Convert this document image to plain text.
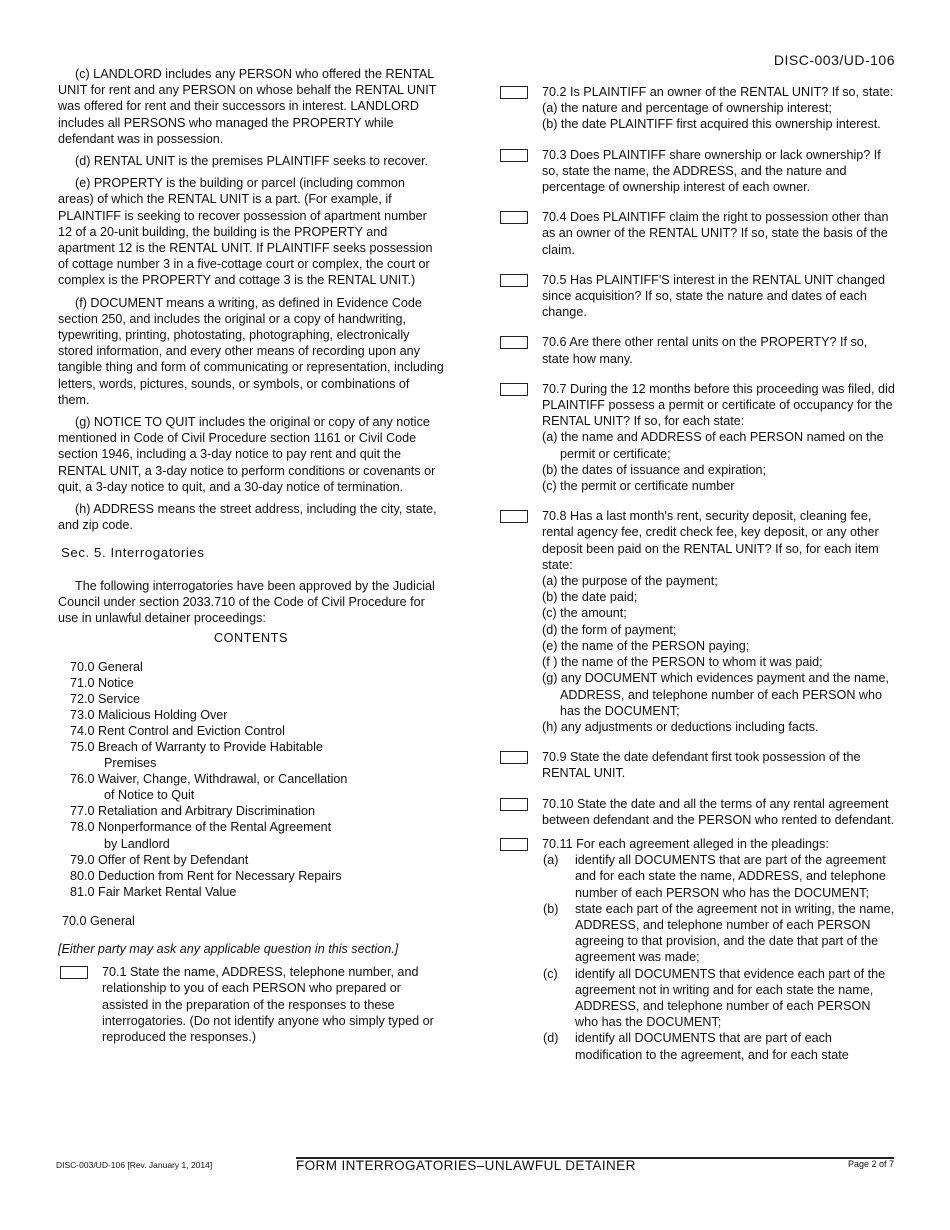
DISC-003/UD-106

(c) LANDLORD includes any PERSON who offered the RENTAL UNIT for rent and any PERSON on whose behalf the RENTAL UNIT was offered for rent and their successors in interest. LANDLORD includes all PERSONS who managed the PROPERTY while defendant was in possession.

(d) RENTAL UNIT is the premises PLAINTIFF seeks to recover.

(e) PROPERTY is the building or parcel (including common areas) of which the RENTAL UNIT is a part. (For example, if PLAINTIFF is seeking to recover possession of apartment number 12 of a 20-unit building, the building is the PROPERTY and apartment 12 is the RENTAL UNIT. If PLAINTIFF seeks possession of cottage number 3 in a five-cottage court or complex, the court or complex is the PROPERTY and cottage 3 is the RENTAL UNIT.)

(f) DOCUMENT means a writing, as defined in Evidence Code section 250, and includes the original or a copy of handwriting, typewriting, printing, photostating, photographing, electronically stored information, and every other means of recording upon any tangible thing and form of communicating or representation, including letters, words, pictures, sounds, or symbols, or combinations of them.

(g) NOTICE TO QUIT includes the original or copy of any notice mentioned in Code of Civil Procedure section 1161 or Civil Code section 1946, including a 3-day notice to pay rent and quit the RENTAL UNIT, a 3-day notice to perform conditions or covenants or quit, a 3-day notice to quit, and a 30-day notice of termination.

(h) ADDRESS means the street address, including the city, state, and zip code.

Sec. 5. Interrogatories

The following interrogatories have been approved by the Judicial Council under section 2033.710 of the Code of Civil Procedure for use in unlawful detainer proceedings:

CONTENTS
70.0 General
71.0 Notice
72.0 Service
73.0 Malicious Holding Over
74.0 Rent Control and Eviction Control
75.0 Breach of Warranty to Provide Habitable
Premises
76.0 Waiver, Change, Withdrawal, or Cancellation
of Notice to Quit
77.0 Retaliation and Arbitrary Discrimination
78.0 Nonperformance of the Rental Agreement
by Landlord
79.0 Offer of Rent by Defendant
80.0 Deduction from Rent for Necessary Repairs
81.0 Fair Market Rental Value
70.0 General

[Either party may ask any applicable question in this section.]

70.1 State the name, ADDRESS, telephone number, and relationship to you of each PERSON who prepared or assisted in the preparation of the responses to these interrogatories. (Do not identify anyone who simply typed or reproduced the responses.)
70.2 Is PLAINTIFF an owner of the RENTAL UNIT? If so, state:
(a) the nature and percentage of ownership interest;
(b) the date PLAINTIFF first acquired this ownership interest.
70.3 Does PLAINTIFF share ownership or lack ownership? If so, state the name, the ADDRESS, and the nature and percentage of ownership interest of each owner.
70.4 Does PLAINTIFF claim the right to possession other than as an owner of the RENTAL UNIT? If so, state the basis of the claim.
70.5 Has PLAINTIFF'S interest in the RENTAL UNIT changed since acquisition? If so, state the nature and dates of each change.
70.6 Are there other rental units on the PROPERTY? If so, state how many.
70.7 During the 12 months before this proceeding was filed, did PLAINTIFF possess a permit or certificate of occupancy for the RENTAL UNIT? If so, for each state:
(a) the name and ADDRESS of each PERSON named on the permit or certificate;
(b) the dates of issuance and expiration;
(c) the permit or certificate number
70.8 Has a last month's rent, security deposit, cleaning fee, rental agency fee, credit check fee, key deposit, or any other deposit been paid on the RENTAL UNIT? If so, for each item state:
(a) the purpose of the payment;
(b) the date paid;
(c) the amount;
(d) the form of payment;
(e) the name of the PERSON paying;
(f ) the name of the PERSON to whom it was paid;
(g) any DOCUMENT which evidences payment and the name, ADDRESS, and telephone number of each PERSON who has the DOCUMENT;
(h) any adjustments or deductions including facts.
70.9 State the date defendant first took possession of the RENTAL UNIT.
70.10 State the date and all the terms of any rental agreement between defendant and the PERSON who rented to defendant.
70.11 For each agreement alleged in the pleadings:
(a)	identify all DOCUMENTS that are part of the agreement and for each state the name, ADDRESS, and telephone number of each PERSON who has the DOCUMENT;
(b)	state each part of the agreement not in writing, the name, ADDRESS, and telephone number of each PERSON agreeing to that provision, and the date that part of the agreement was made;
(c)	identify all DOCUMENTS that evidence each part of the agreement not in writing and for each state the name, ADDRESS, and telephone number of each PERSON who has the DOCUMENT;
(d)	identify all DOCUMENTS that are part of each modification to the agreement, and for each state
DISC-003/UD-106 [Rev. January 1, 2014]	FORM INTERROGATORIES–UNLAWFUL DETAINER	Page 2 of 7
